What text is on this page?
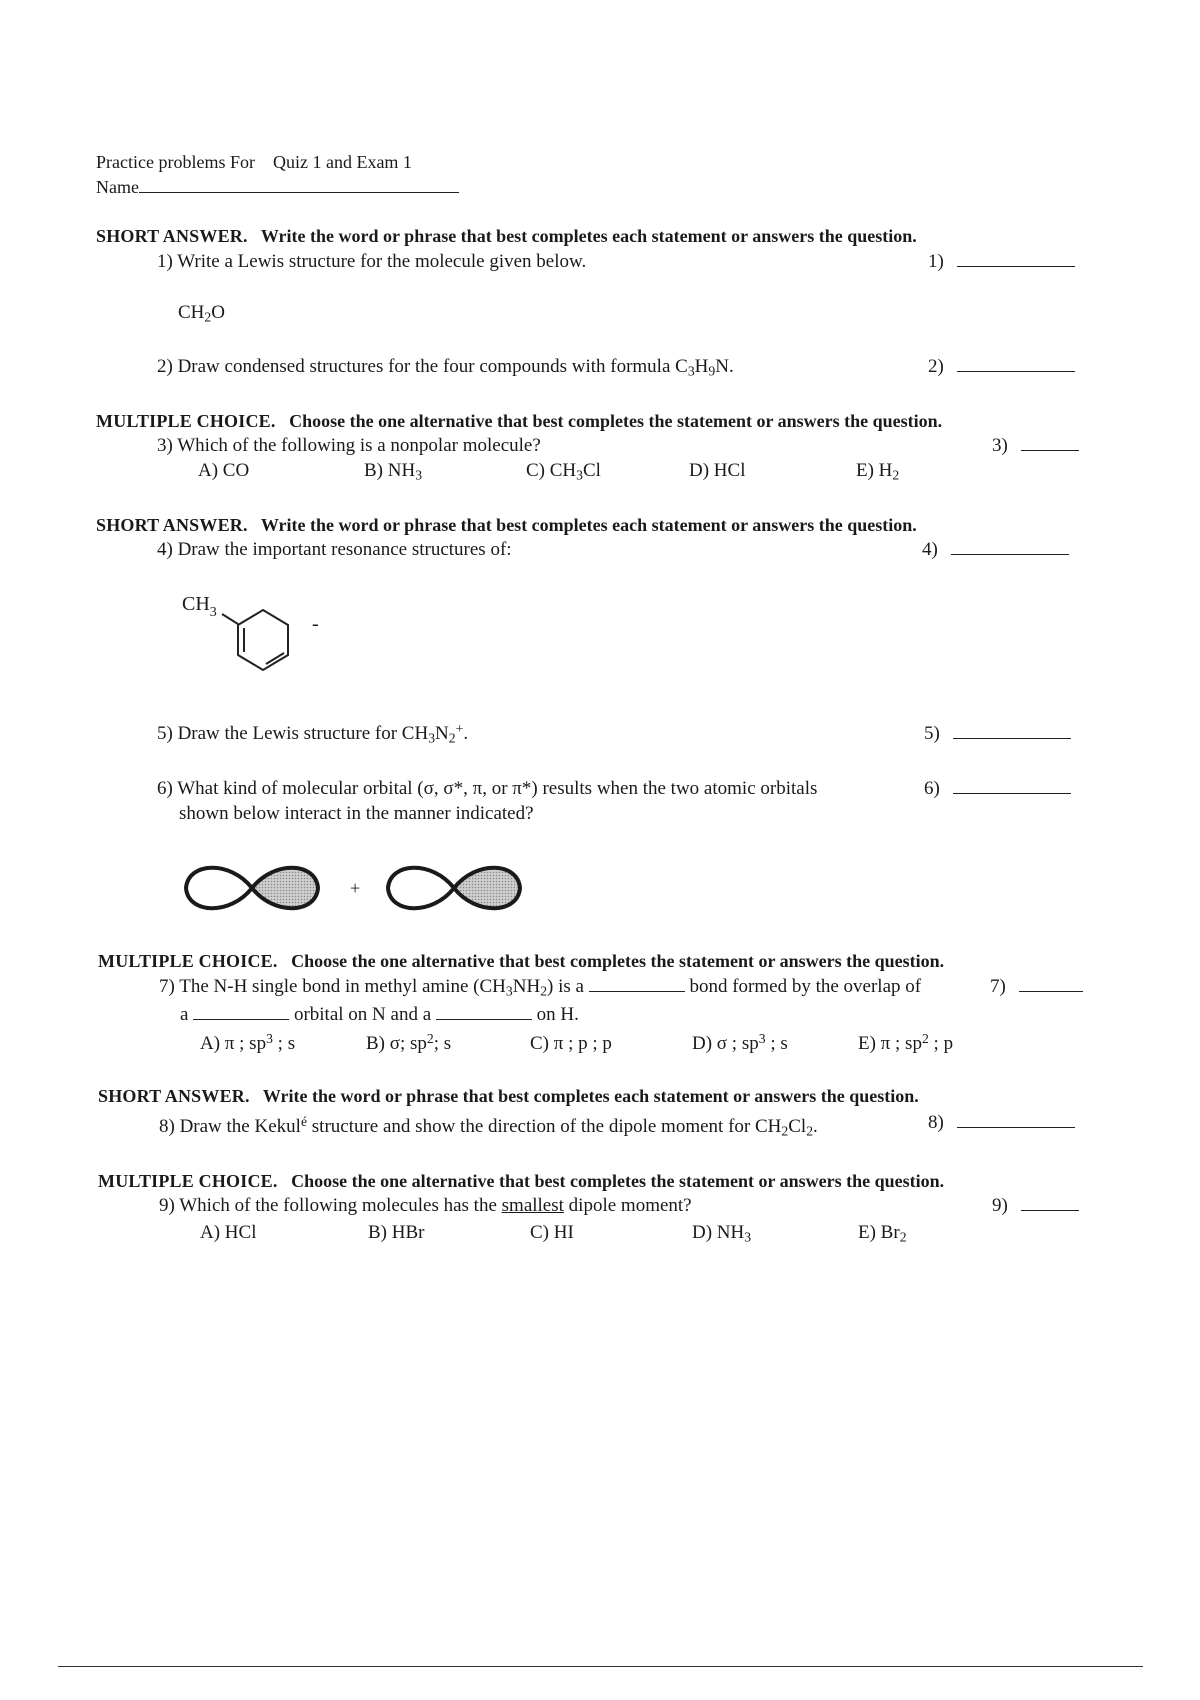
Practice problems For Quiz 1 and Exam 1
Name
SHORT ANSWER. Write the word or phrase that best completes each statement or answers the question.
1) Write a Lewis structure for the molecule given below.	1)
$CH_2O$
2) Draw condensed structures for the four compounds with formula $C_3H_9N$.	2)
MULTIPLE CHOICE. Choose the one alternative that best completes the statement or answers the question.
3) Which of the following is a nonpolar molecule?	3)
A) CO	B) $NH_3$	C) $CH_3Cl$	D) HCl	E) $H_2$
SHORT ANSWER. Write the word or phrase that best completes each statement or answers the question.
4) Draw the important resonance structures of:	4)
$CH_3$
-
5) Draw the Lewis structure for $CH_3N_2^+$.	5)
6) What kind of molecular orbital (σ, σ*, π, or π*) results when the two atomic orbitals
shown below interact in the manner indicated?
6)
+
MULTIPLE CHOICE. Choose the one alternative that best completes the statement or answers the question.
7) The N-H single bond in methyl amine $(CH_3NH_2)$ is a	bond formed by the overlap of	7)
a	orbital on N and a	on H.
A) π ; $sp^3$ ; s	B) σ; $sp^2$; s	C) π ; p ; p	D) σ ; $sp^3$ ; s	E) π ; $sp^2$ ; p
SHORT ANSWER. Write the word or phrase that best completes each statement or answers the question.
8) Draw the Kekul$^é$ structure and show the direction of the dipole moment for $CH_2Cl_2$.	8)
MULTIPLE CHOICE. Choose the one alternative that best completes the statement or answers the question.
9) Which of the following molecules has the smallest dipole moment?	9)
A) HCl	B) HBr	C) HI	D) $NH_3$	E) $Br_2$
